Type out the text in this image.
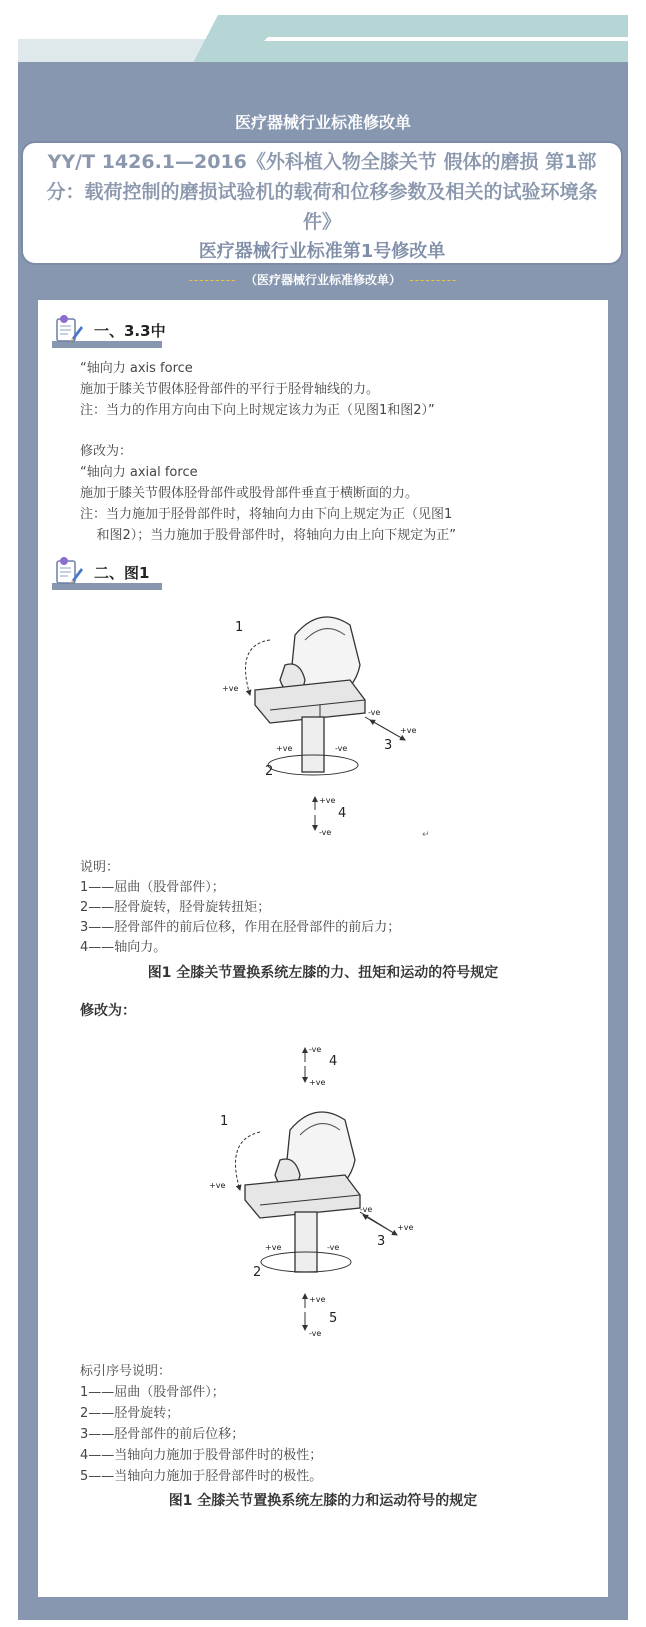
医疗器械行业标准修改单
YY/T 1426.1—2016《外科植入物全膝关节 假体的磨损 第1部
分：载荷控制的磨损试验机的载荷和位移参数及相关的试验环境条
件》
医疗器械行业标准第1号修改单
--------- （医疗器械行业标准修改单） ---------
一、3.3中
“轴向力 axis force
施加于膝关节假体胫骨部件的平行于胫骨轴线的力。
注：当力的作用方向由下向上时规定该力为正（见图1和图2）”
修改为：
“轴向力 axial force
施加于膝关节假体胫骨部件或股骨部件垂直于横断面的力。
注：当力施加于胫骨部件时，将轴向力由下向上规定为正（见图1
和图2）；当力施加于股骨部件时，将轴向力由上向下规定为正”
二、图1
1
+ve
-ve
+ve
3
+ve	-ve
2
+ve
4
-ve	↵
说明：
1——屈曲（股骨部件）；
2——胫骨旋转，胫骨旋转扭矩；
3——胫骨部件的前后位移，作用在胫骨部件的前后力；
4——轴向力。
图1 全膝关节置换系统左膝的力、扭矩和运动的符号规定
修改为：
-ve
4
+ve
1
+ve
-ve
+ve
3
+ve	-ve
2
+ve
5
-ve
标引序号说明：
1——屈曲（股骨部件）；
2——胫骨旋转；
3——胫骨部件的前后位移；
4——当轴向力施加于股骨部件时的极性；
5——当轴向力施加于胫骨部件时的极性。
图1 全膝关节置换系统左膝的力和运动符号的规定
